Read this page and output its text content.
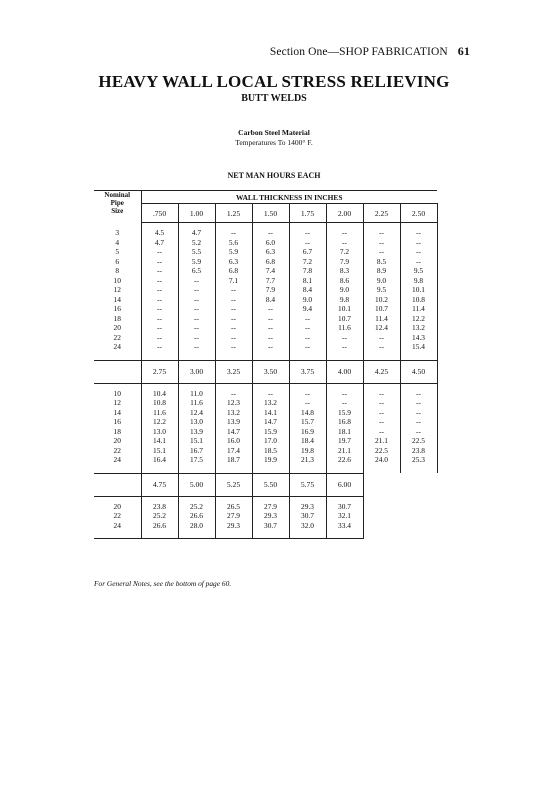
Section One—SHOP FABRICATION 61
HEAVY WALL LOCAL STRESS RELIEVING
BUTT WELDS
Carbon Steel Material
Temperatures To 1400° F.
NET MAN HOURS EACH
Nominal
Pipe
Size	WALL THICKNESS IN INCHES							
	.750	1.00	1.25	1.50	1.75	2.00	2.25	2.50
3	4.5	4.7	--	--	--	--	--	--
4	4.7	5.2	5.6	6.0	--	--	--	--
5	--	5.5	5.9	6.3	6.7	7.2	--	--
6	--	5.9	6.3	6.8	7.2	7.9	8.5	--
8	--	6.5	6.8	7.4	7.8	8.3	8.9	9.5
10	--	--	7.1	7.7	8.1	8.6	9.0	9.8
12	--	--	--	7.9	8.4	9.0	9.5	10.1
14	--	--	--	8.4	9.0	9.8	10.2	10.8
16	--	--	--	--	9.4	10.1	10.7	11.4
18	--	--	--	--	--	10.7	11.4	12.2
20	--	--	--	--	--	11.6	12.4	13.2
22	--	--	--	--	--	--	--	14.3
24	--	--	--	--	--	--	--	15.4
	2.75	3.00	3.25	3.50	3.75	4.00	4.25	4.50
10	10.4	11.0	--	--	--	--	--	--
12	10.8	11.6	12.3	13.2	--	--	--	--
14	11.6	12.4	13.2	14.1	14.8	15.9	--	--
16	12.2	13.0	13.9	14.7	15.7	16.8	--	--
18	13.0	13.9	14.7	15.9	16.9	18.1	--	--
20	14.1	15.1	16.0	17.0	18.4	19.7	21.1	22.5
22	15.1	16.7	17.4	18.5	19.8	21.1	22.5	23.8
24	16.4	17.5	18.7	19.9	21.3	22.6	24.0	25.3
	4.75	5.00	5.25	5.50	5.75	6.00		
20	23.8	25.2	26.5	27.9	29.3	30.7		
22	25.2	26.6	27.9	29.3	30.7	32.1		
24	26.6	28.0	29.3	30.7	32.0	33.4		
For General Notes, see the bottom of page 60.
